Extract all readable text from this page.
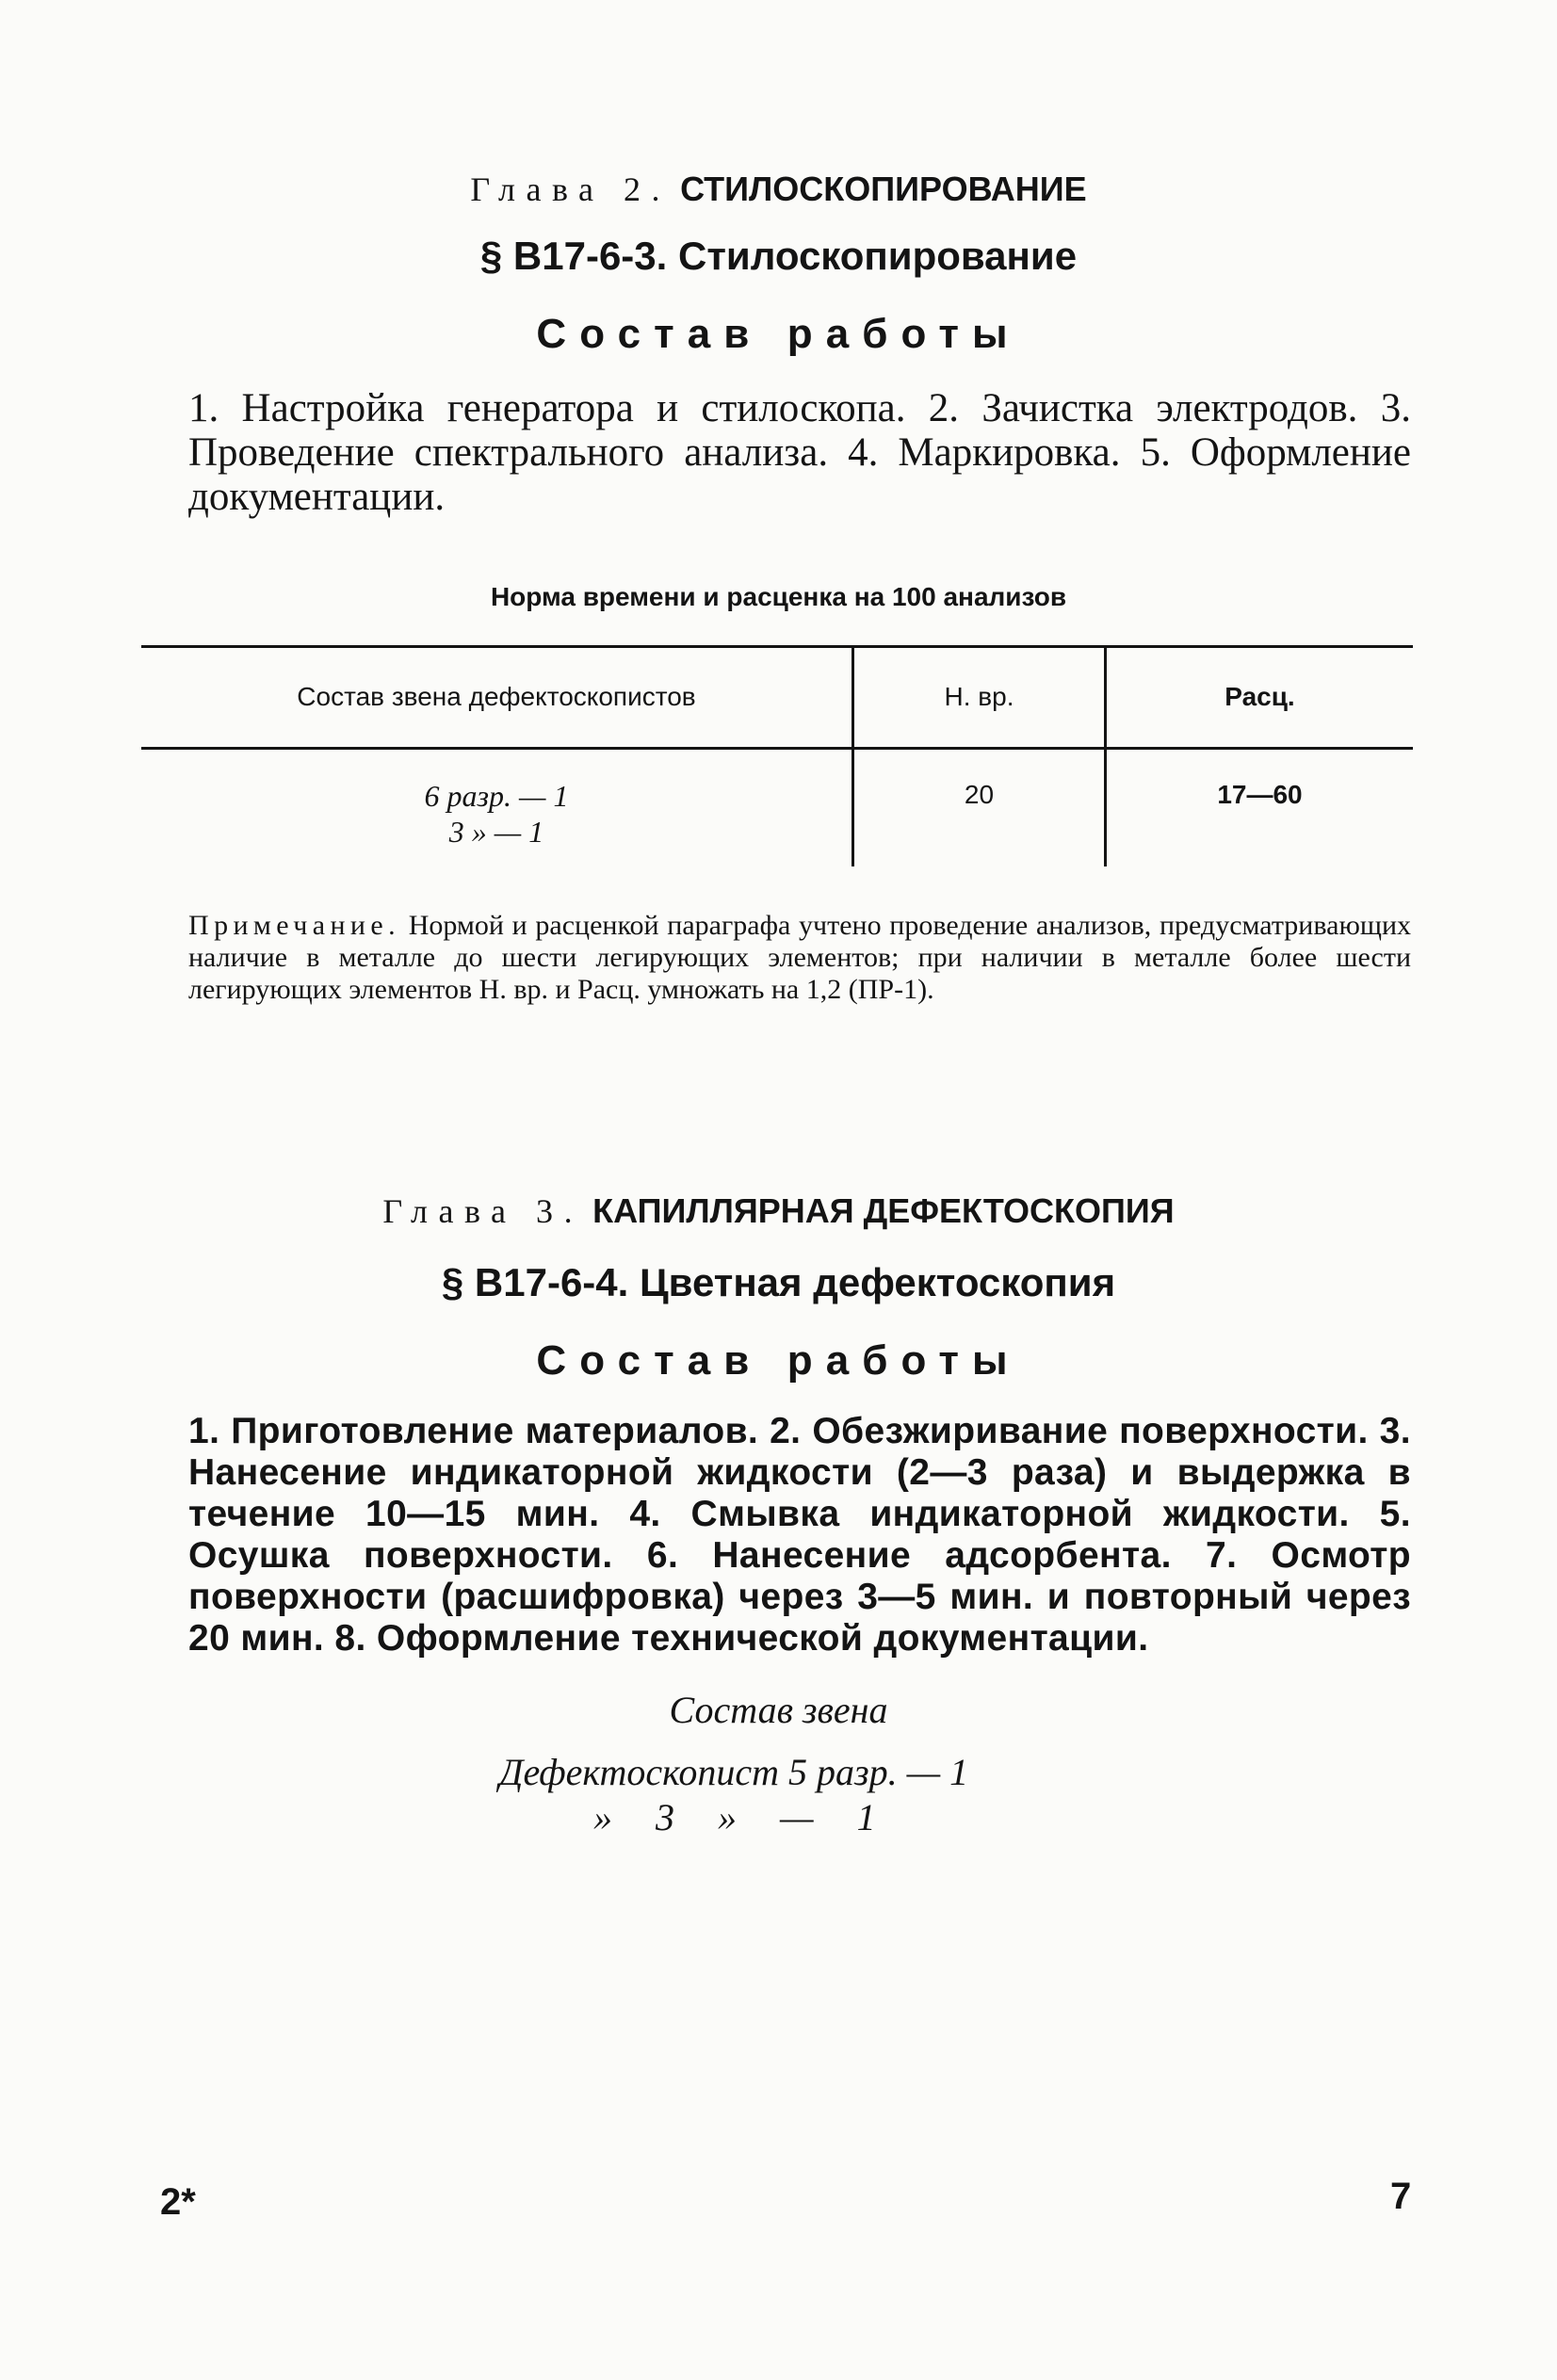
Глава 2. СТИЛОСКОПИРОВАНИЕ
§ В17-6-3. Стилоскопирование
Состав работы
1. Настройка генератора и стилоскопа. 2. Зачистка электродов. 3. Проведение спектрального анализа. 4. Маркировка. 5. Оформление документации.
Норма времени и расценка на 100 анализов
Состав звена дефектоскопистов	Н. вр.	Расц.
6 разр. — 1
3 » — 1
20	17—60
Примечание. Нормой и расценкой параграфа учтено проведение анализов, предусматривающих наличие в металле до шести легирующих элементов; при наличии в металле более шести легирующих элементов Н. вр. и Расц. умножать на 1,2 (ПР-1).
Глава 3. КАПИЛЛЯРНАЯ ДЕФЕКТОСКОПИЯ
§ В17-6-4. Цветная дефектоскопия
Состав работы
1. Приготовление материалов. 2. Обезжиривание поверхности. 3. Нанесение индикаторной жидкости (2—3 раза) и выдержка в течение 10—15 мин. 4. Смывка индикаторной жидкости. 5. Осушка поверхности. 6. Нанесение адсорбента. 7. Осмотр поверхности (расшифровка) через 3—5 мин. и повторный через 20 мин. 8. Оформление технической документации.
Состав звена
Дефектоскопист 5 разр. — 1
» 3 » — 1
2*	7
